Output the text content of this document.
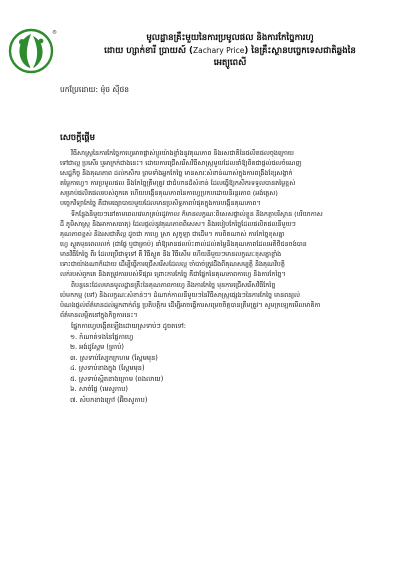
®	មូលដ្ឋានគ្រឹះមួយនៃការប្រមូលផល និងការកែច្នៃការហូ
ដោយ ហ្សាក់ខារី ប្រាយស៍ (Zachary Price) នៃគ្រឹះស្ថានបច្ចេកទេសជាតិឆ្លងនៃ
អេត្យូពេសី
បកប្រែដោយ: ម៉ុច ស៊ីថន
សេចក្តីផ្តើម
វិធីសាស្ត្រនៃការកែច្នៃកាហ្វេអាចផ្លាស់ប្តូរយ៉ាងខ្លាំងនូវគុណភាព និងរសជាតិនៃផលិតផលចុងក្រោយ
ទៅជាល្អ ប្រសើរ ឬអាក្រក់ជាងនេះ។ ដោយការជ្រើសរើសវិធីសាស្ត្រមួយដែលនាំឱ្យពិតជាផ្តល់ផលចំណេញ
សេដ្ឋកិច្ច និងគុណភាព ដល់កសិករ ព្រមទាំងអ្នកកែច្នៃ មានសារៈសំខាន់ណាស់ក្នុងការពង្រឹងខ្សែសង្វាក់
តម្លៃកាហ្វេ។ ការប្រមូលផល និងកែច្នៃត្រឹមត្រូវ ជាជំហានដ៏សំខាន់ ដែលធ្វើឱ្យកសិករទទួលបានតម្លៃខ្ពស់
សម្រាប់ផលិតផលរបស់ពួកគេ ហើយបង្កើនគុណភាពនៃកាហ្វេប្រកបដោយនិរន្តរភាព (អង់គ្លេស)
បច្ចេកវិទ្យាកែច្នៃ គឺជាមធ្យោបាយមួយដែលមានប្រសិទ្ធភាពបំផុតក្នុងការបង្កើនគុណភាព។
ទីកន្លែងនិមួយៗនៅតាមពេលវេលាគ្រប់រដូវកាល ក៏មានលក្ខណៈពិសេសផ្ទាល់ខ្លួន និងកត្តាបរិស្ថាន (បរិយាកាស
ដី ភូមិសាស្ត្រ និងអាកាសធាតុ) ដែលផ្តល់នូវគុណភាពពិសេស។ និងរបៀបកែច្នៃដែលផលិតផលនីមួយៗ
គុណភាពខ្ពស់ និងរសជាតិល្អ ដូចជា កាហ្វេ ស្រា សូកូឡា ជាដើម។ ការពិតណាស់ ការកែច្នៃខុសគ្នា
ហ្វេ ស្ងួតមុនពេលលក់ (ជាផ្លែ ឬជាគ្រាប់) នាំឱ្យមានផលប៉ះពាល់ដល់តម្លៃនិងគុណភាពដែលអតិថិជនចង់បាន
មានវិធីកែច្នៃ ពីរ ដែលប្រើជាទូទៅ គឺ វិធីស្ងួត និង វិធីសើម ហើយនីមួយៗមានលក្ខណៈខុសគ្នាខ្លាំង
ទោះជាយ៉ាងណាក៏ដោយ ដើម្បីធ្វើការជ្រើសរើសដែលល្អ ចាំបាច់ត្រូវដឹងពីគុណសម្បត្តិ និងគុណវិបត្តិ
លក់របស់ពួកគេ និងតម្រូវការរបស់ទីផ្សារ ព្រោះការកែច្នៃ គឺជាផ្នែកនៃគុណភាពកាហ្វេ និងការកែច្នៃ។
ពិបន្ធនេះដែលមានមូលដ្ឋានគ្រឹះនៃគុណភាពកាហ្វេ និងការកែច្នៃ មុនការជ្រើសរើសវិធីកែច្នៃ
ប៉េមកកម្ម (ទៅ) និងលក្ខណៈសំខាន់ៗ។ ដំណាក់កាលនីមួយៗនៃវិធីសាស្ត្រផ្សេងៗនៃការកែច្នៃ មានពន្យល់
បំណងផ្តល់ព័ត៌មានដល់អ្នកពាក់ព័ន្ធ ប្រតិបត្តិករ ដើម្បីអាចធ្វើការសម្រេចចិត្តបានត្រឹមត្រូវ។ សូមក្រឡេកមើលមាតិកា
ព័ត៌មានលម្អិតនៅក្នុងកិច្ចការនេះ។
ផ្នែកកាហ្វេបង្កើតឡើងដោយស្រទាប់ៗ ដូចតទៅ:
១. កំណាត់ទងនៃផ្លែកាហ្វេ
២. អង់ដូស្ពែម (ត្រាប់)
៣. ស្រទាប់ស្បែកក្រហម (ស្ពែមមុន)
៤. ស្រទាប់ខាងក្នុង (ស្ពែមមុន)
៥. ស្រទាប់ស្អិតខាងក្រោម (ពងលាយ)
៦. សាច់ផ្លែ (មេសូកាប)
៧. សំបកខាងក្រៅ (អ៊ិចសូកាប)
